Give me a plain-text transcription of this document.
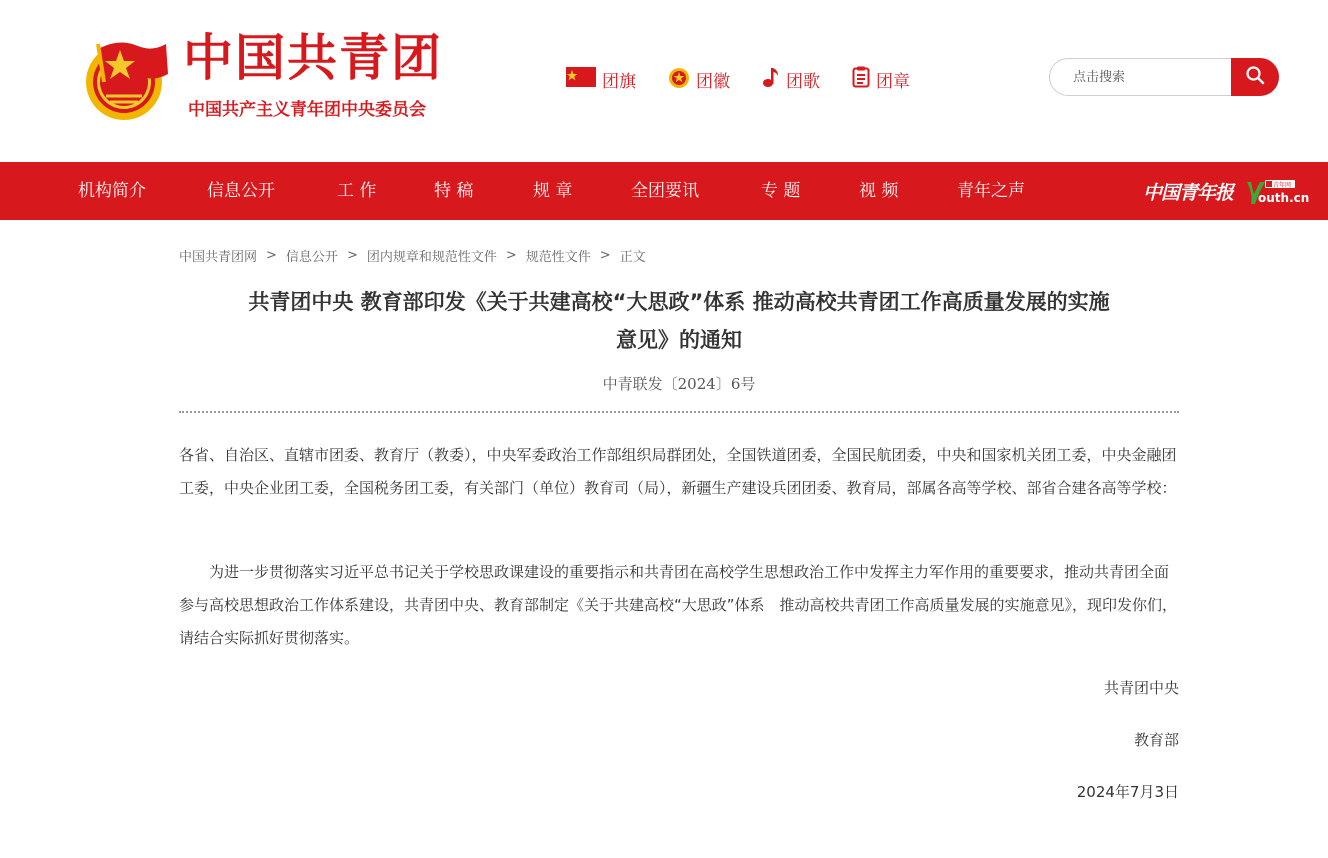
中国共青团
中国共产主义青年团中央委员会
团旗	团徽	团歌	团章
点击搜索
机构简介	信息公开	工 作	特 稿	规 章	全团要讯	专 题	视 频	青年之声	中国青年报	青年网
outh.cn
中国共青团网 > 信息公开 > 团内规章和规范性文件 > 规范性文件 > 正文
共青团中央 教育部印发《关于共建高校“大思政”体系 推动高校共青团工作高质量发展的实施
意见》的通知
中青联发〔2024〕6号

各省、自治区、直辖市团委、教育厅（教委），中央军委政治工作部组织局群团处，全国铁道团委，全国民航团委，中央和国家机关团工委，中央金融团工委，中央企业团工委，全国税务团工委，有关部门（单位）教育司（局），新疆生产建设兵团团委、教育局，部属各高等学校、部省合建各高等学校：

为进一步贯彻落实习近平总书记关于学校思政课建设的重要指示和共青团在高校学生思想政治工作中发挥主力军作用的重要要求，推动共青团全面参与高校思想政治工作体系建设，共青团中央、教育部制定《关于共建高校“大思政”体系　推动高校共青团工作高质量发展的实施意见》，现印发你们，请结合实际抓好贯彻落实。

共青团中央
教育部
2024年7月3日
